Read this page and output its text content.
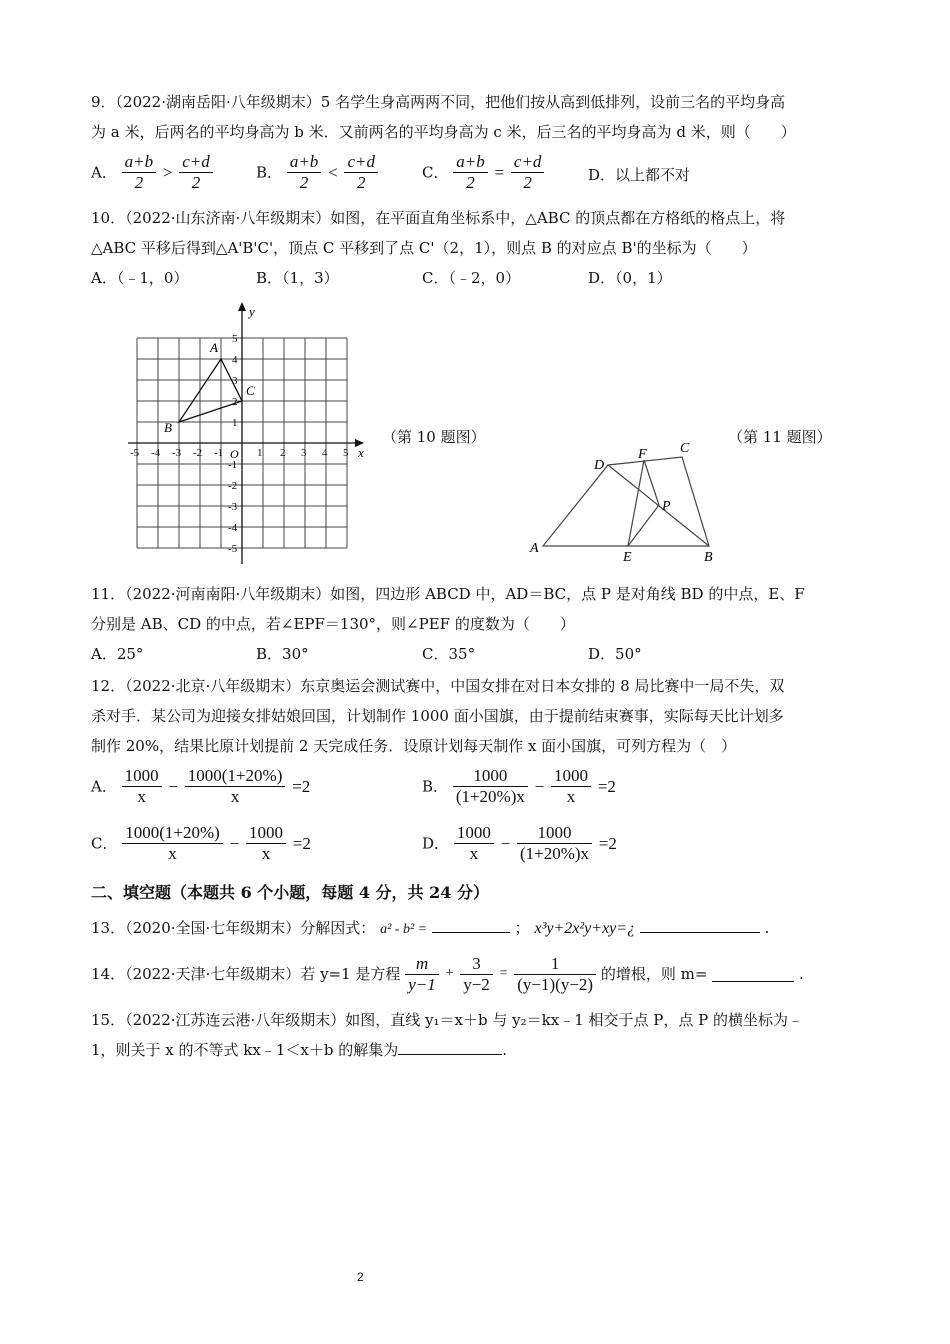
9．（2022·湖南岳阳·八年级期末）5 名学生身高两两不同，把他们按从高到低排列，设前三名的平均身高
为 a 米，后两名的平均身高为 b 米．又前两名的平均身高为 c 米，后三名的平均身高为 d 米，则（　　）
A． $\frac{a+b}{2} > \frac{c+d}{2}$	B． $\frac{a+b}{2} < \frac{c+d}{2}$	C． $\frac{a+b}{2} = \frac{c+d}{2}$	D．以上都不对
10．（2022·山东济南·八年级期末）如图，在平面直角坐标系中，△ABC 的顶点都在方格纸的格点上，将
△ABC 平移后得到△A'B'C'，顶点 C 平移到了点 C'（2，1），则点 B 的对应点 B'的坐标为（　　）
A．（﹣1，0）	B．（1，3）	C．（﹣2，0）	D．（0，1）
x
y
O
-5 -4 -3 -2 -1	1 2 3 4 5
5
4
3
2
1
-1
-2
-3
-4
-5
A
B
C
（第 10 题图）	（第 11 题图）
A
B
C
D
E
F
P
11．（2022·河南南阳·八年级期末）如图，四边形 ABCD 中，AD＝BC，点 P 是对角线 BD 的中点，E、F
分别是 AB、CD 的中点，若∠EPF＝130°，则∠PEF 的度数为（　　）
A．25°	B．30°	C．35°	D．50°
12．（2022·北京·八年级期末）东京奥运会测试赛中，中国女排在对日本女排的 8 局比赛中一局不失，双
杀对手．某公司为迎接女排姑娘回国，计划制作 1000 面小国旗，由于提前结束赛事，实际每天比计划多
制作 20%，结果比原计划提前 2 天完成任务．设原计划每天制作 x 面小国旗，可列方程为（　）
A． $\frac{1000}{x} - \frac{1000(1+20\%)}{x} =2$	B． $\frac{1000}{(1+20\%)x} - \frac{1000}{x} =2$
C． $\frac{1000(1+20\%)}{x} - \frac{1000}{x} =2$	D． $\frac{1000}{x} - \frac{1000}{(1+20\%)x} =2$
二、填空题（本题共 6 个小题，每题 4 分，共 24 分）
13．（2020·全国·七年级期末）分解因式： a² - b² =	； x³y+2x²y+xy=¿	.
14．（2022·天津·七年级期末）若 y=1 是方程 $\frac{m}{y-1} + \frac{3}{y-2} = \frac{1}{(y-1)(y-2)}$ 的增根，则 m=	.
15．（2022·江苏连云港·八年级期末）如图，直线 y₁＝x＋b 与 y₂＝kx﹣1 相交于点 P，点 P 的横坐标为﹣
1，则关于 x 的不等式 kx﹣1＜x＋b 的解集为	.
2
